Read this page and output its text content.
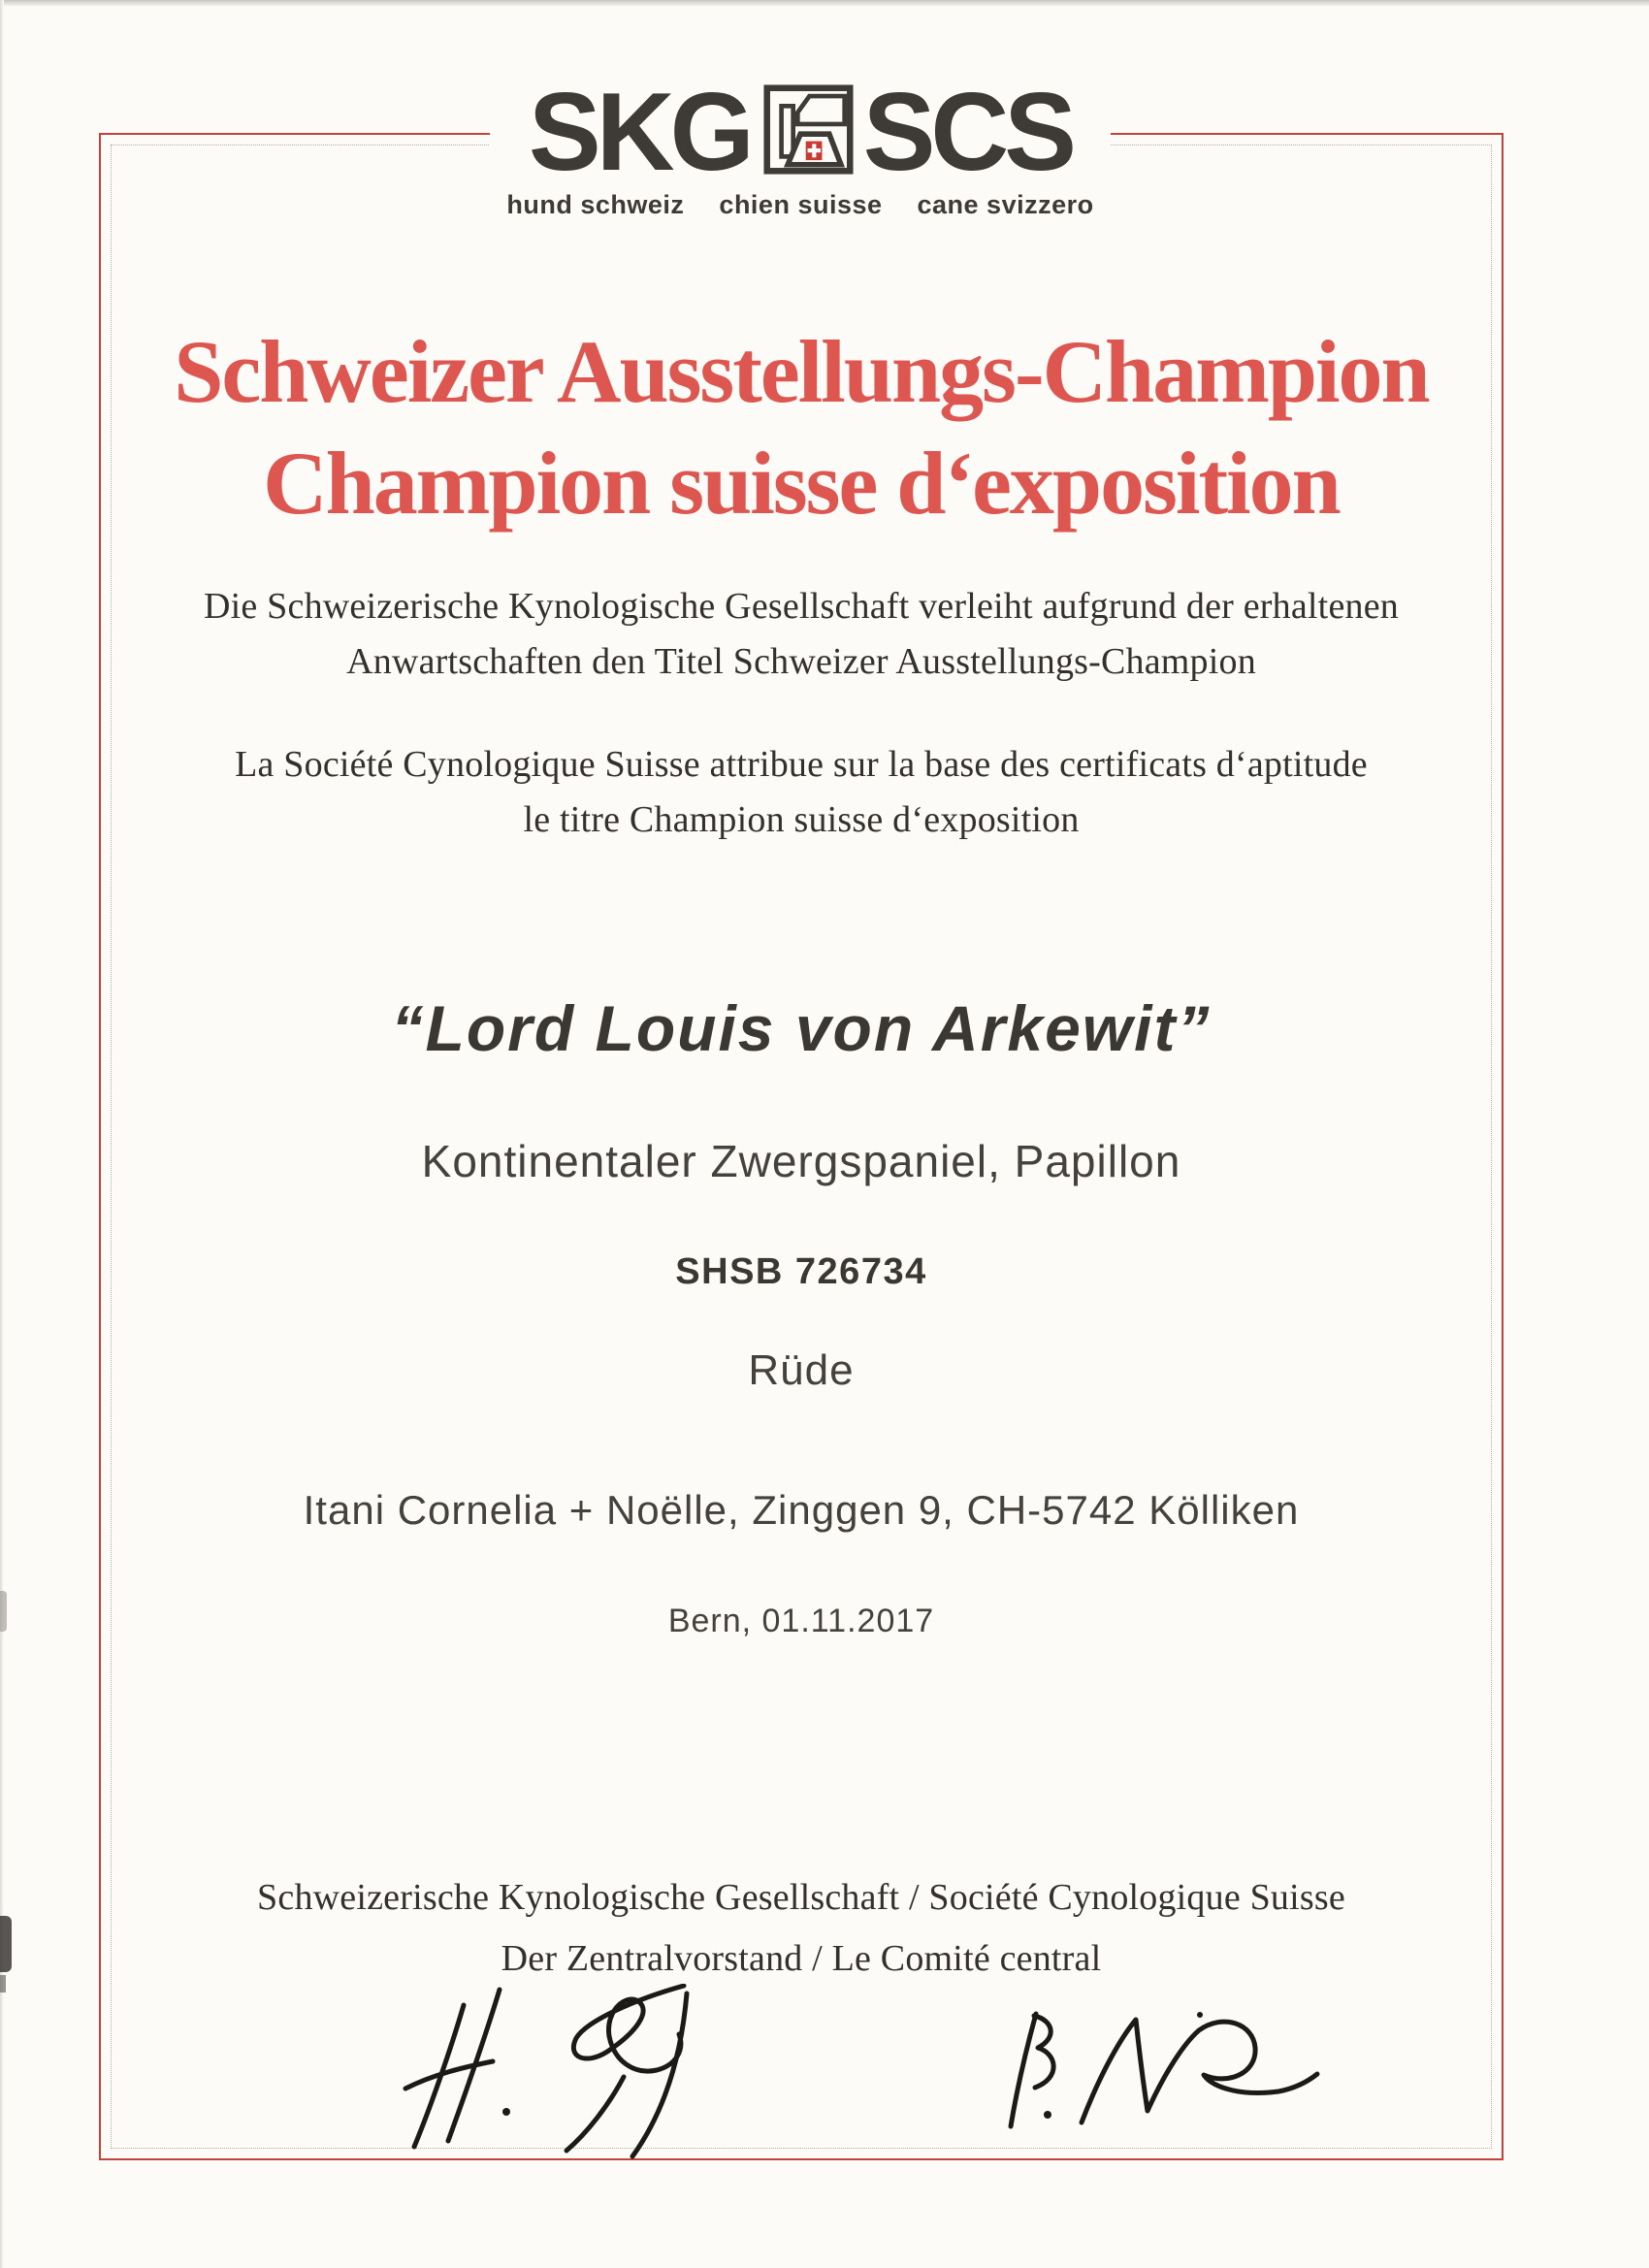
SKG SCS
hund schweiz chien suisse cane svizzero
Schweizer Ausstellungs-Champion
Champion suisse d‘exposition
Die Schweizerische Kynologische Gesellschaft verleiht aufgrund der erhaltenen
Anwartschaften den Titel Schweizer Ausstellungs-Champion
La Société Cynologique Suisse attribue sur la base des certificats d‘aptitude
le titre Champion suisse d‘exposition
“Lord Louis von Arkewit”
Kontinentaler Zwergspaniel, Papillon
SHSB 726734
Rüde
Itani Cornelia + Noëlle, Zinggen 9, CH-5742 Kölliken
Bern, 01.11.2017
Schweizerische Kynologische Gesellschaft / Société Cynologique Suisse
Der Zentralvorstand / Le Comité central
